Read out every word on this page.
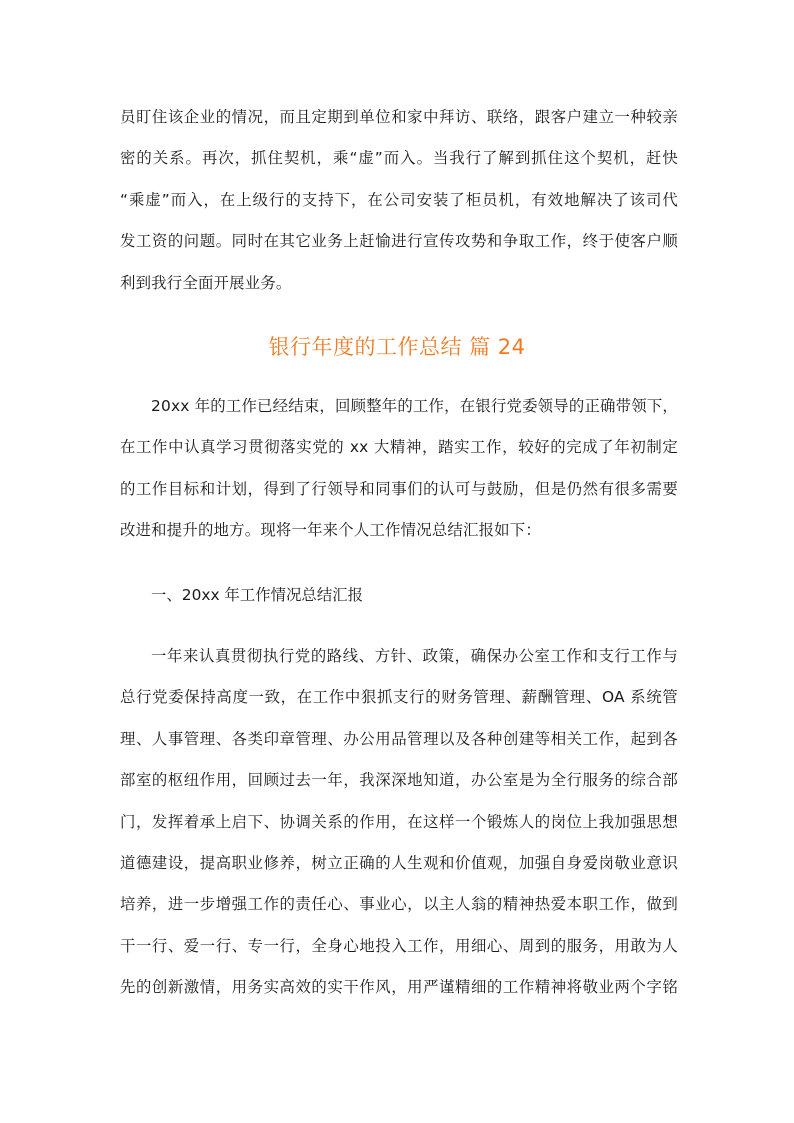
员盯住该企业的情况，而且定期到单位和家中拜访、联络，跟客户建立一种较亲
密的关系。再次，抓住契机，乘“虚”而入。当我行了解到抓住这个契机，赶快
“乘虚”而入，在上级行的支持下，在公司安装了柜员机，有效地解决了该司代
发工资的问题。同时在其它业务上赶愉进行宣传攻势和争取工作，终于使客户顺
利到我行全面开展业务。
银行年度的工作总结 篇 24
20xx 年的工作已经结束，回顾整年的工作，在银行党委领导的正确带领下，
在工作中认真学习贯彻落实党的 xx 大精神，踏实工作，较好的完成了年初制定
的工作目标和计划，得到了行领导和同事们的认可与鼓励，但是仍然有很多需要
改进和提升的地方。现将一年来个人工作情况总结汇报如下：
一、20xx 年工作情况总结汇报
一年来认真贯彻执行党的路线、方针、政策，确保办公室工作和支行工作与
总行党委保持高度一致，在工作中狠抓支行的财务管理、薪酬管理、OA 系统管
理、人事管理、各类印章管理、办公用品管理以及各种创建等相关工作，起到各
部室的枢纽作用，回顾过去一年，我深深地知道，办公室是为全行服务的综合部
门，发挥着承上启下、协调关系的作用，在这样一个锻炼人的岗位上我加强思想
道德建设，提高职业修养，树立正确的人生观和价值观，加强自身爱岗敬业意识
培养，进一步增强工作的责任心、事业心，以主人翁的精神热爱本职工作，做到
干一行、爱一行、专一行，全身心地投入工作，用细心、周到的服务，用敢为人
先的创新激情，用务实高效的实干作风，用严谨精细的工作精神将敬业两个字铭
